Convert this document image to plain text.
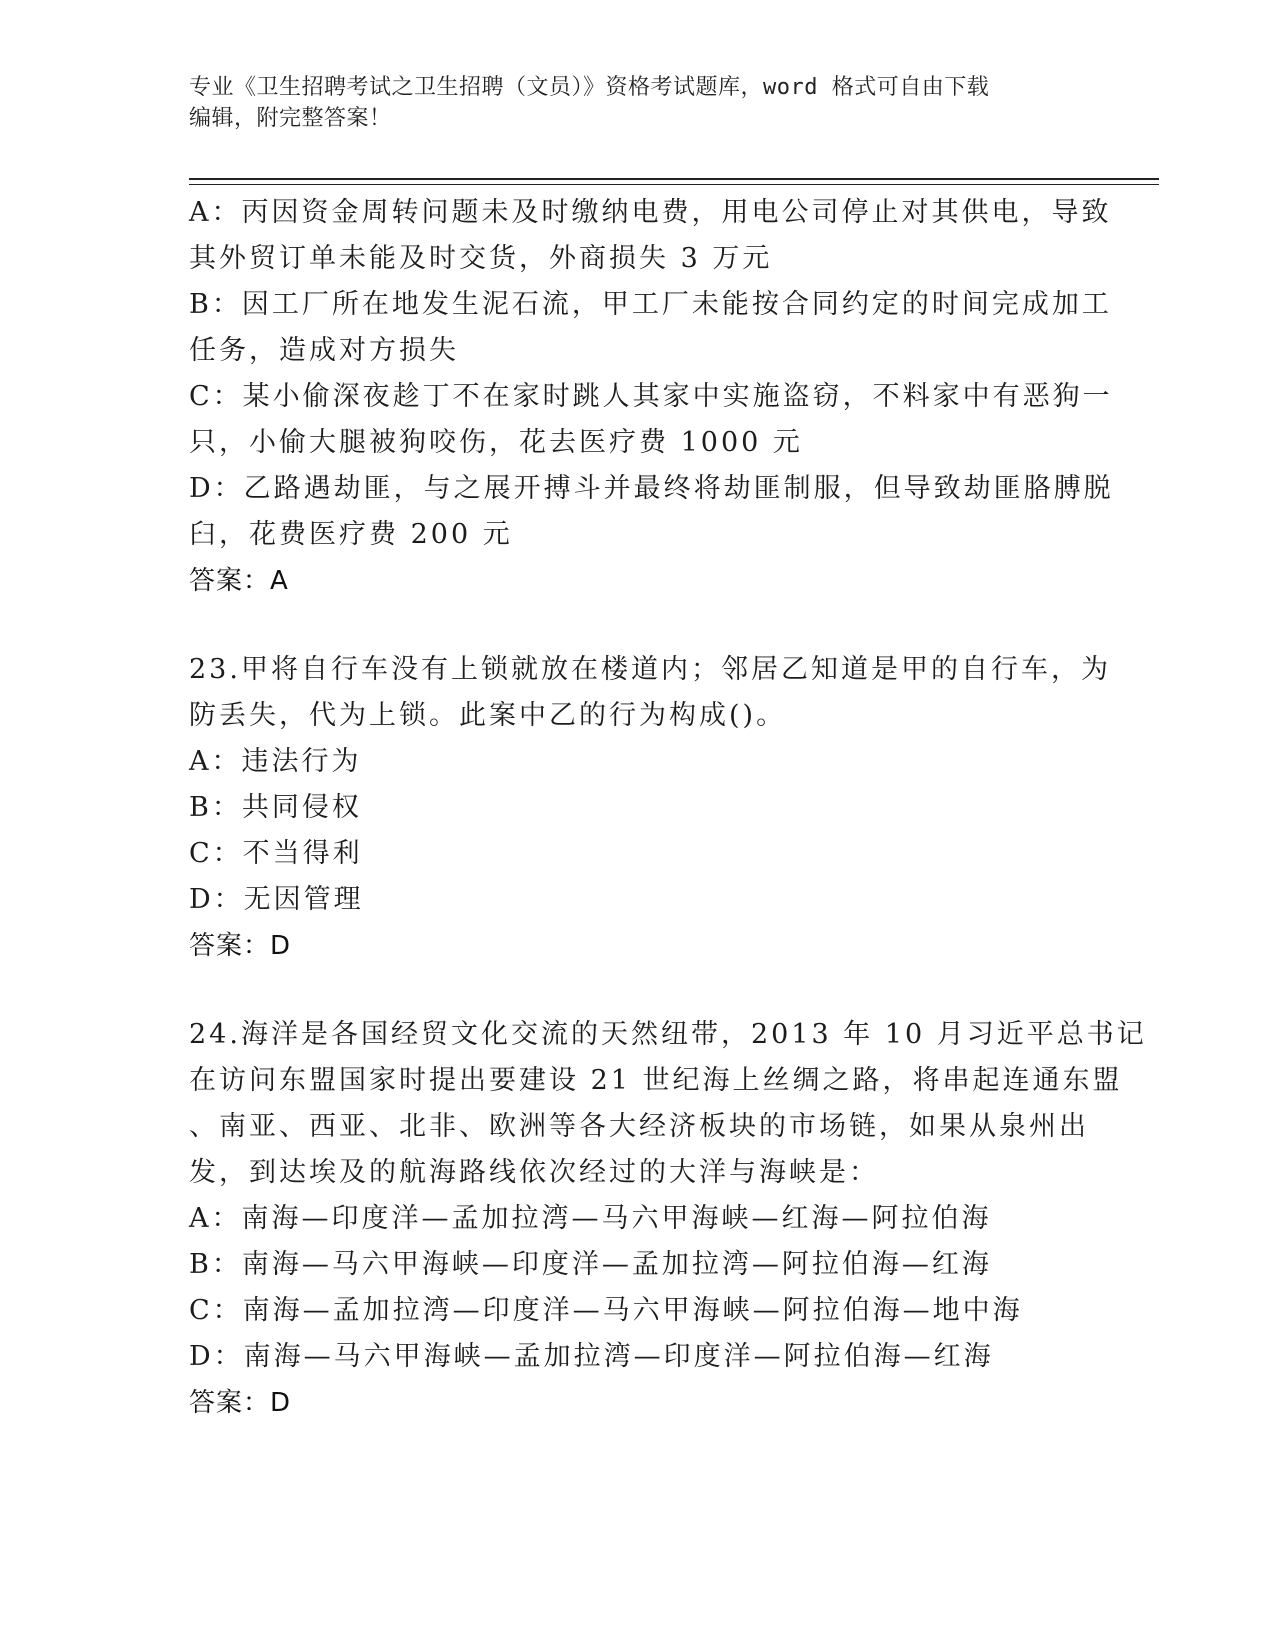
专业《卫生招聘考试之卫生招聘（文员）》资格考试题库，word 格式可自由下载
编辑，附完整答案！
A：丙因资金周转问题未及时缴纳电费，用电公司停止对其供电，导致
其外贸订单未能及时交货，外商损失 3 万元
B：因工厂所在地发生泥石流，甲工厂未能按合同约定的时间完成加工
任务，造成对方损失
C：某小偷深夜趁丁不在家时跳人其家中实施盗窃，不料家中有恶狗一
只，小偷大腿被狗咬伤，花去医疗费 1000 元
D：乙路遇劫匪，与之展开搏斗并最终将劫匪制服，但导致劫匪胳膊脱
臼，花费医疗费 200 元
答案：A
23.甲将自行车没有上锁就放在楼道内；邻居乙知道是甲的自行车，为
防丢失，代为上锁。此案中乙的行为构成()。
A：违法行为
B：共同侵权
C：不当得利
D：无因管理
答案：D
24.海洋是各国经贸文化交流的天然纽带，2013 年 10 月习近平总书记
在访问东盟国家时提出要建设 21 世纪海上丝绸之路，将串起连通东盟
、南亚、西亚、北非、欧洲等各大经济板块的市场链，如果从泉州出
发，到达埃及的航海路线依次经过的大洋与海峡是：
A：南海—印度洋—孟加拉湾—马六甲海峡—红海—阿拉伯海
B：南海—马六甲海峡—印度洋—孟加拉湾—阿拉伯海—红海
C：南海—孟加拉湾—印度洋—马六甲海峡—阿拉伯海—地中海
D：南海—马六甲海峡—孟加拉湾—印度洋—阿拉伯海—红海
答案：D
